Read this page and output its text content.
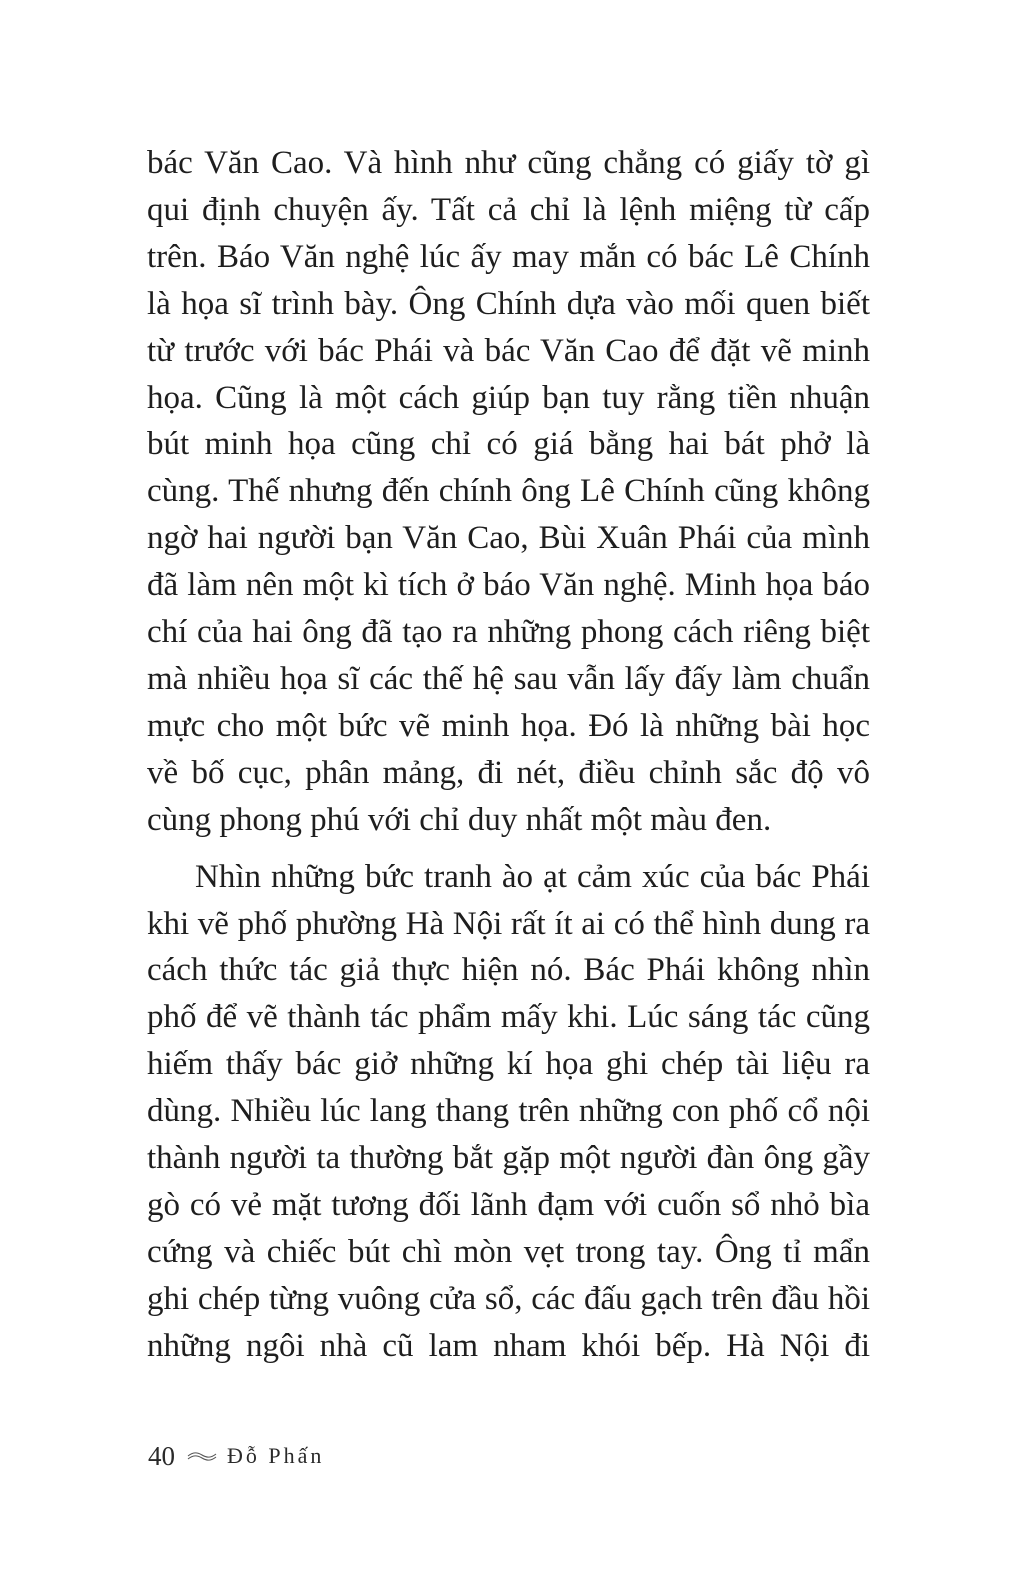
bác Văn Cao. Và hình như cũng chẳng có giấy tờ gì qui định chuyện ấy. Tất cả chỉ là lệnh miệng từ cấp trên. Báo Văn nghệ lúc ấy may mắn có bác Lê Chính là họa sĩ trình bày. Ông Chính dựa vào mối quen biết từ trước với bác Phái và bác Văn Cao để đặt vẽ minh họa. Cũng là một cách giúp bạn tuy rằng tiền nhuận bút minh họa cũng chỉ có giá bằng hai bát phở là cùng. Thế nhưng đến chính ông Lê Chính cũng không ngờ hai người bạn Văn Cao, Bùi Xuân Phái của mình đã làm nên một kì tích ở báo Văn nghệ. Minh họa báo chí của hai ông đã tạo ra những phong cách riêng biệt mà nhiều họa sĩ các thế hệ sau vẫn lấy đấy làm chuẩn mực cho một bức vẽ minh họa. Đó là những bài học về bố cục, phân mảng, đi nét, điều chỉnh sắc độ vô cùng phong phú với chỉ duy nhất một màu đen.

Nhìn những bức tranh ào ạt cảm xúc của bác Phái khi vẽ phố phường Hà Nội rất ít ai có thể hình dung ra cách thức tác giả thực hiện nó. Bác Phái không nhìn phố để vẽ thành tác phẩm mấy khi. Lúc sáng tác cũng hiếm thấy bác giở những kí họa ghi chép tài liệu ra dùng. Nhiều lúc lang thang trên những con phố cổ nội thành người ta thường bắt gặp một người đàn ông gầy gò có vẻ mặt tương đối lãnh đạm với cuốn sổ nhỏ bìa cứng và chiếc bút chì mòn vẹt trong tay. Ông tỉ mẩn ghi chép từng vuông cửa sổ, các đấu gạch trên đầu hồi những ngôi nhà cũ lam nham khói bếp. Hà Nội đi

40 Đỗ Phấn
